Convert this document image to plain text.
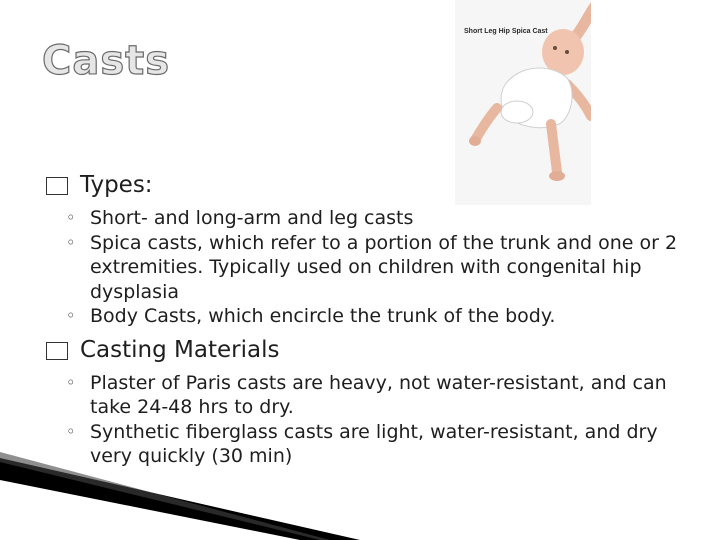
Casts
Short Leg Hip Spica Cast

Types:

◦ Short- and long-arm and leg casts
◦ Spica casts, which refer to a portion of the trunk and one or 2 extremities. Typically used on children with congenital hip dysplasia
◦ Body Casts, which encircle the trunk of the body.

Casting Materials

◦ Plaster of Paris casts are heavy, not water-resistant, and can take 24-48 hrs to dry.
◦ Synthetic fiberglass casts are light, water-resistant, and dry very quickly (30 min)
